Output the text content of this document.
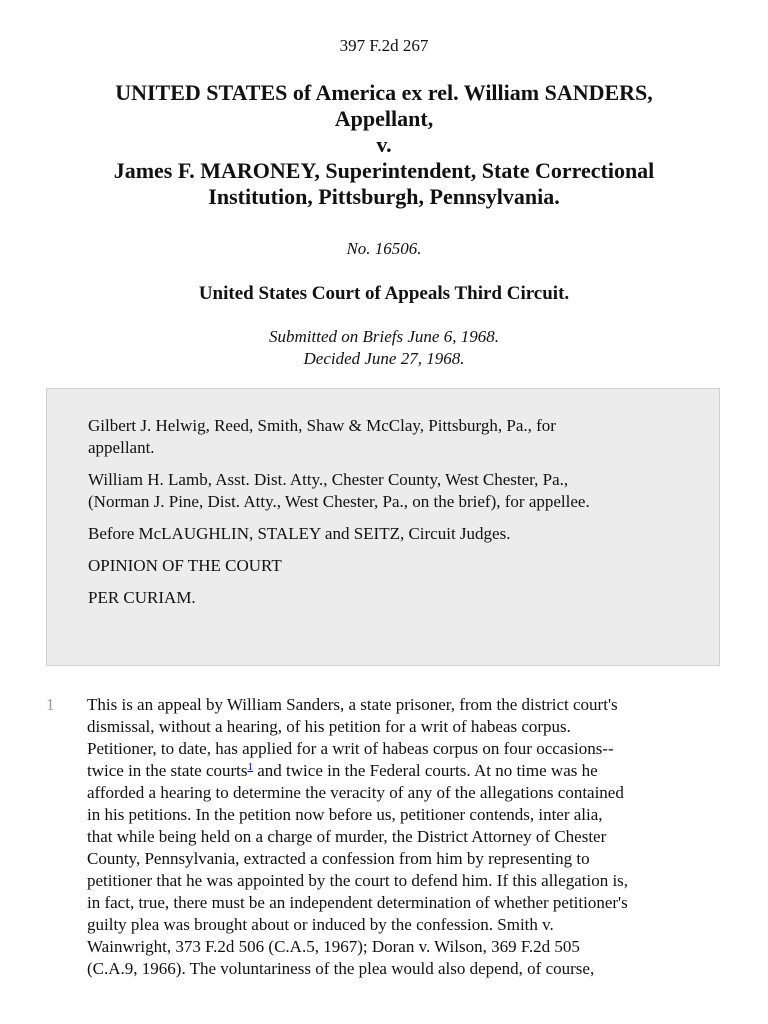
397 F.2d 267
UNITED STATES of America ex rel. William SANDERS,
Appellant,
v.
James F. MARONEY, Superintendent, State Correctional
Institution, Pittsburgh, Pennsylvania.
No. 16506.
United States Court of Appeals Third Circuit.
Submitted on Briefs June 6, 1968.
Decided June 27, 1968.

Gilbert J. Helwig, Reed, Smith, Shaw & McClay, Pittsburgh, Pa., for
appellant.

William H. Lamb, Asst. Dist. Atty., Chester County, West Chester, Pa.,
(Norman J. Pine, Dist. Atty., West Chester, Pa., on the brief), for appellee.

Before McLAUGHLIN, STALEY and SEITZ, Circuit Judges.

OPINION OF THE COURT

PER CURIAM.

1 This is an appeal by William Sanders, a state prisoner, from the district court's
dismissal, without a hearing, of his petition for a writ of habeas corpus.
Petitioner, to date, has applied for a writ of habeas corpus on four occasions--
twice in the state courts$^1$ and twice in the Federal courts. At no time was he
afforded a hearing to determine the veracity of any of the allegations contained
in his petitions. In the petition now before us, petitioner contends, inter alia,
that while being held on a charge of murder, the District Attorney of Chester
County, Pennsylvania, extracted a confession from him by representing to
petitioner that he was appointed by the court to defend him. If this allegation is,
in fact, true, there must be an independent determination of whether petitioner's
guilty plea was brought about or induced by the confession. Smith v.
Wainwright, 373 F.2d 506 (C.A.5, 1967); Doran v. Wilson, 369 F.2d 505
(C.A.9, 1966). The voluntariness of the plea would also depend, of course,
